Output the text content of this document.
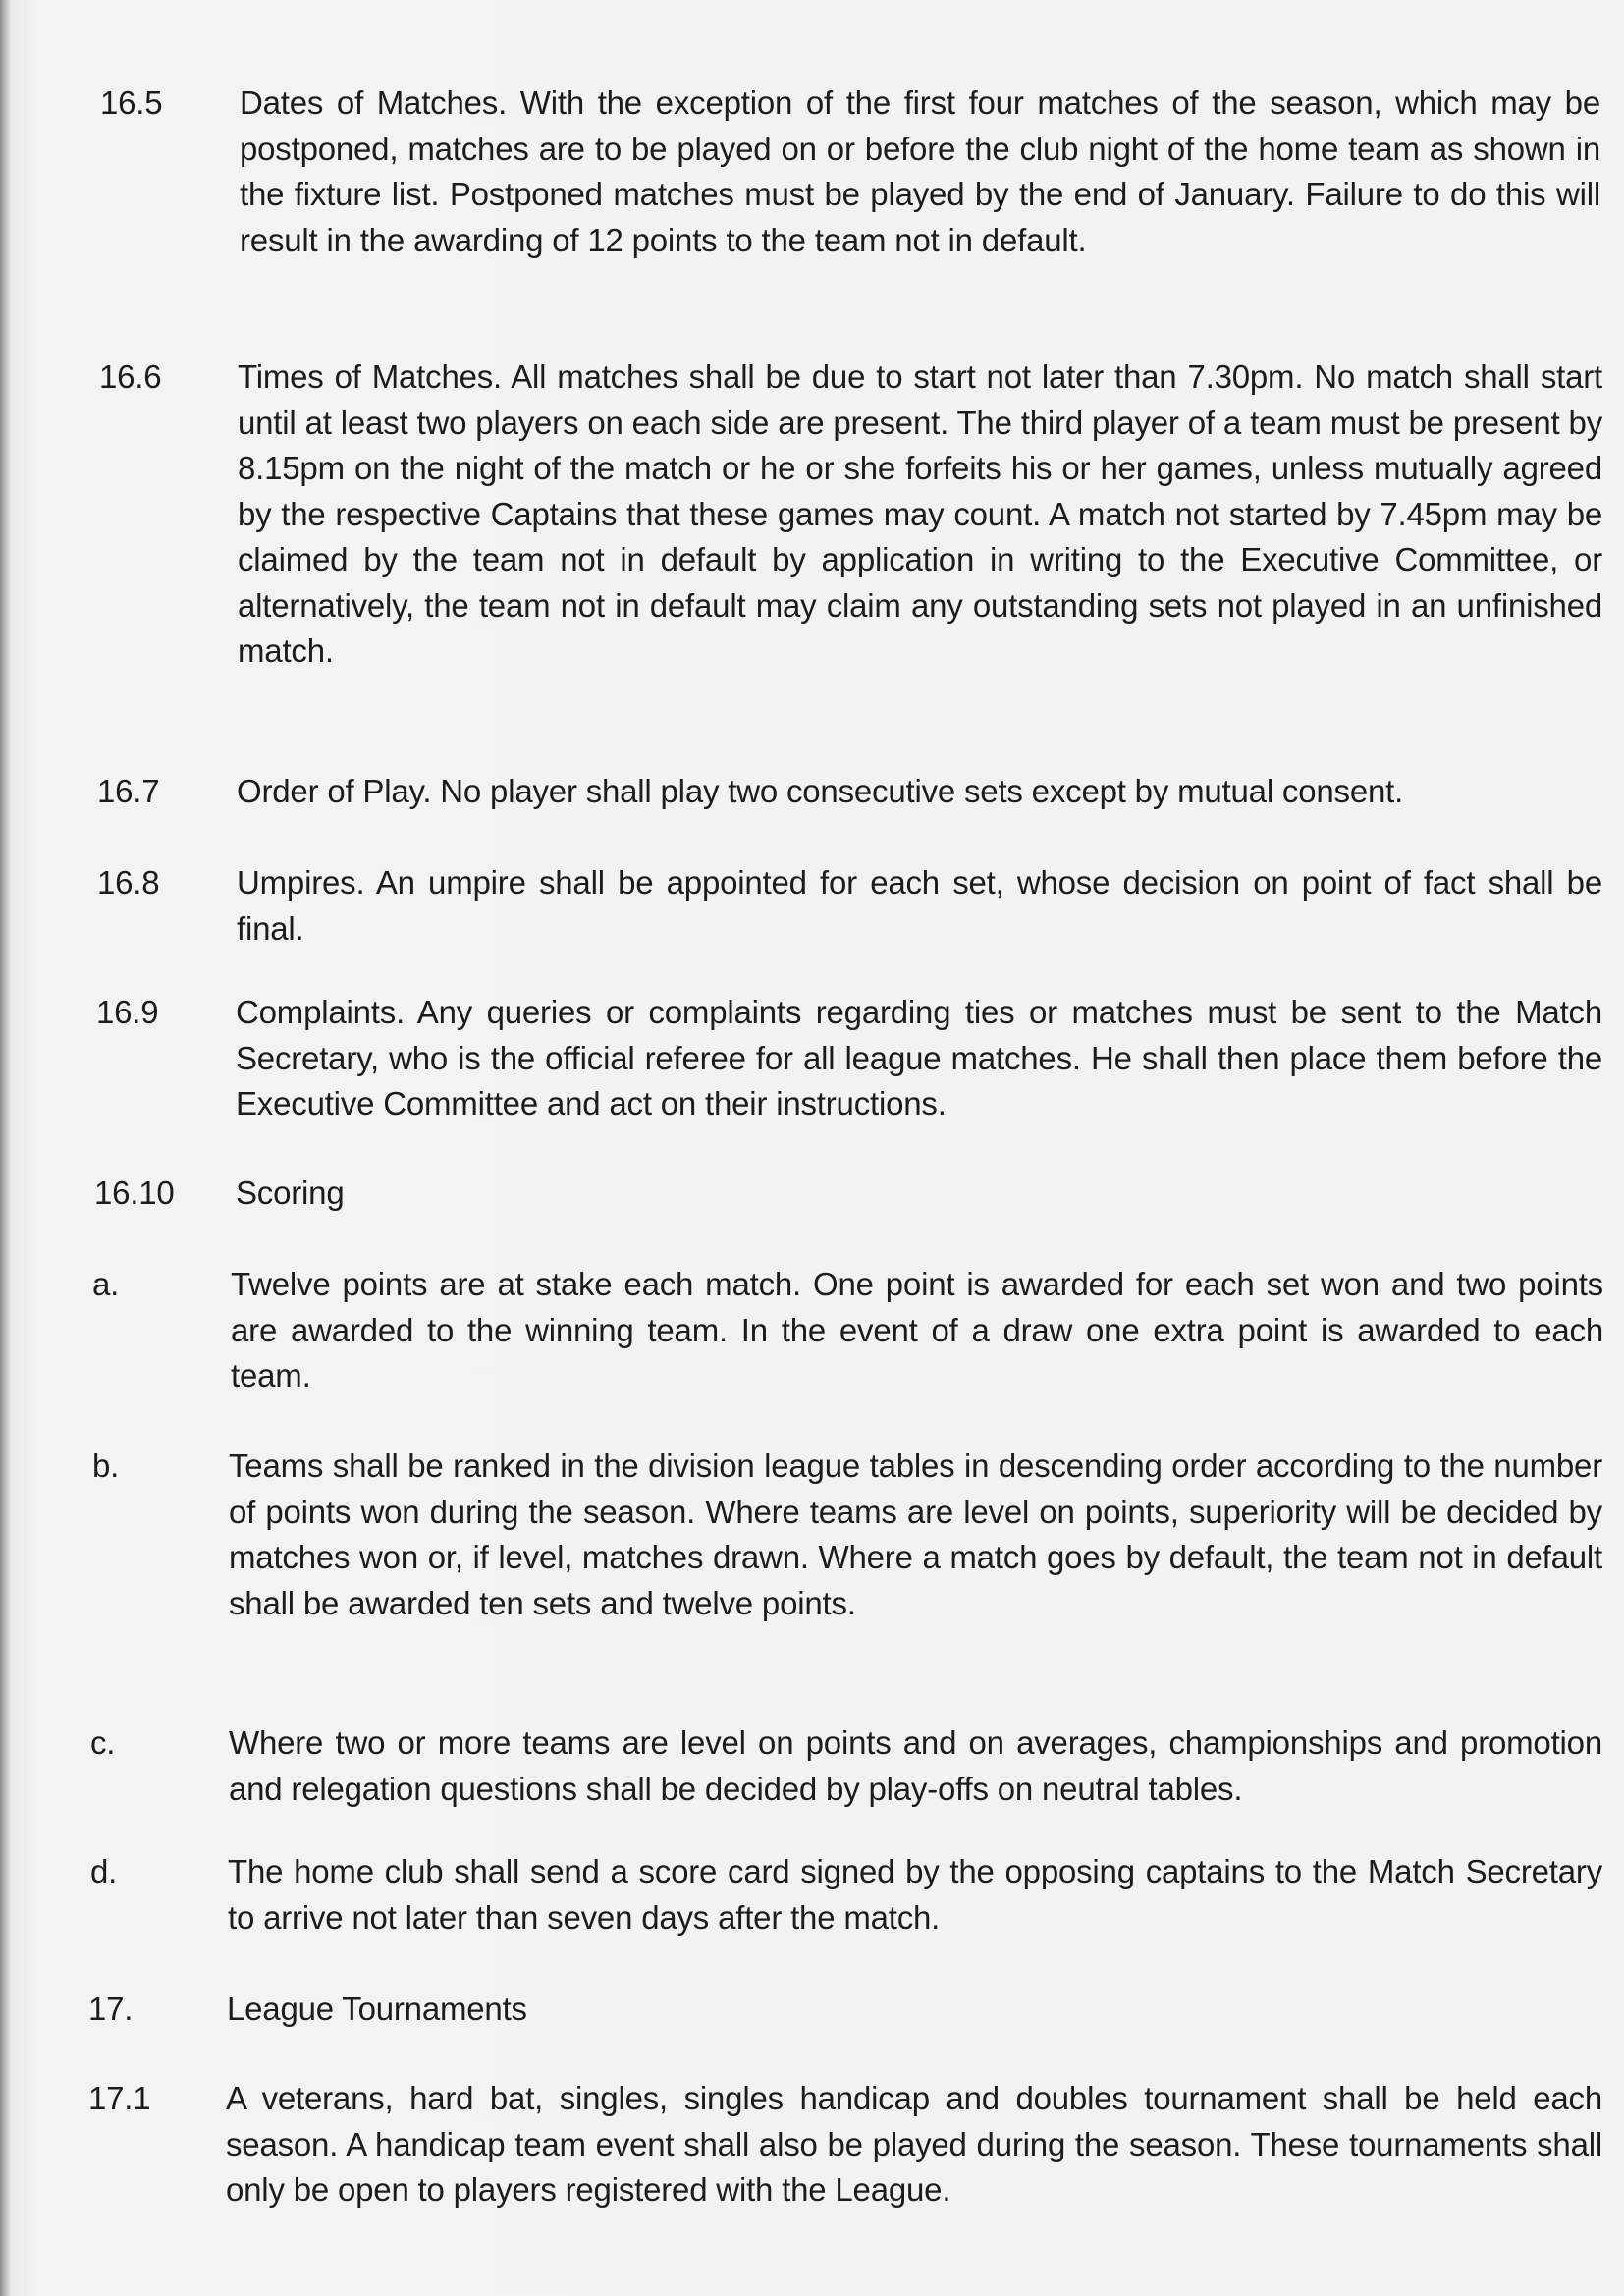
16.5 Dates of Matches. With the exception of the first four matches of the season, which may be postponed, matches are to be played on or before the club night of the home team as shown in the fixture list. Postponed matches must be played by the end of January. Failure to do this will result in the awarding of 12 points to the team not in default.
16.6 Times of Matches. All matches shall be due to start not later than 7.30pm. No match shall start until at least two players on each side are present. The third player of a team must be present by 8.15pm on the night of the match or he or she forfeits his or her games, unless mutually agreed by the respective Captains that these games may count. A match not started by 7.45pm may be claimed by the team not in default by application in writing to the Executive Committee, or alternatively, the team not in default may claim any outstanding sets not played in an unfinished match.
16.7 Order of Play. No player shall play two consecutive sets except by mutual consent.
16.8 Umpires. An umpire shall be appointed for each set, whose decision on point of fact shall be final.
16.9 Complaints. Any queries or complaints regarding ties or matches must be sent to the Match Secretary, who is the official referee for all league matches. He shall then place them before the Executive Committee and act on their instructions.
16.10 Scoring
a.	Twelve points are at stake each match. One point is awarded for each set won and two points are awarded to the winning team. In the event of a draw one extra point is awarded to each team.
b.	Teams shall be ranked in the division league tables in descending order according to the number of points won during the season. Where teams are level on points, superiority will be decided by matches won or, if level, matches drawn. Where a match goes by default, the team not in default shall be awarded ten sets and twelve points.
c.	Where two or more teams are level on points and on averages, championships and promotion and relegation questions shall be decided by play-offs on neutral tables.
d.	The home club shall send a score card signed by the opposing captains to the Match Secretary to arrive not later than seven days after the match.
17.	League Tournaments
17.1 A veterans, hard bat, singles, singles handicap and doubles tournament shall be held each season. A handicap team event shall also be played during the season. These tournaments shall only be open to players registered with the League.
